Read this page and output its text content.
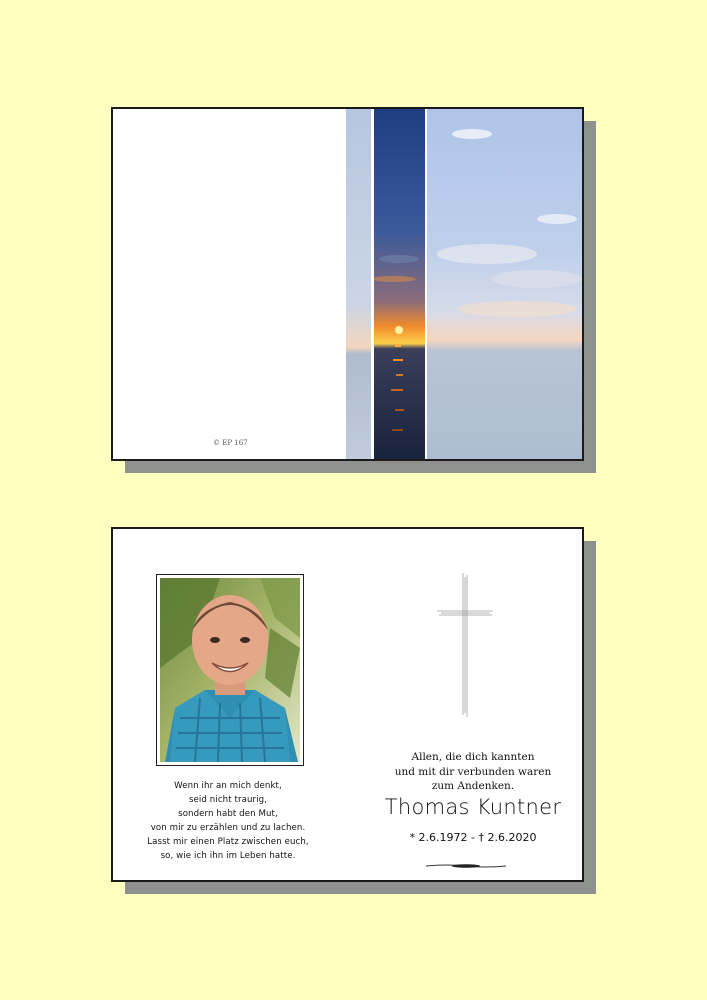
© EP 167
Wenn ihr an mich denkt,
seid nicht traurig,
sondern habt den Mut,
von mir zu erzählen und zu lachen.
Lasst mir einen Platz zwischen euch,
so, wie ich ihn im Leben hatte.
Allen, die dich kannten
und mit dir verbunden waren
zum Andenken.
Thomas Kuntner
* 2.6.1972 - † 2.6.2020
